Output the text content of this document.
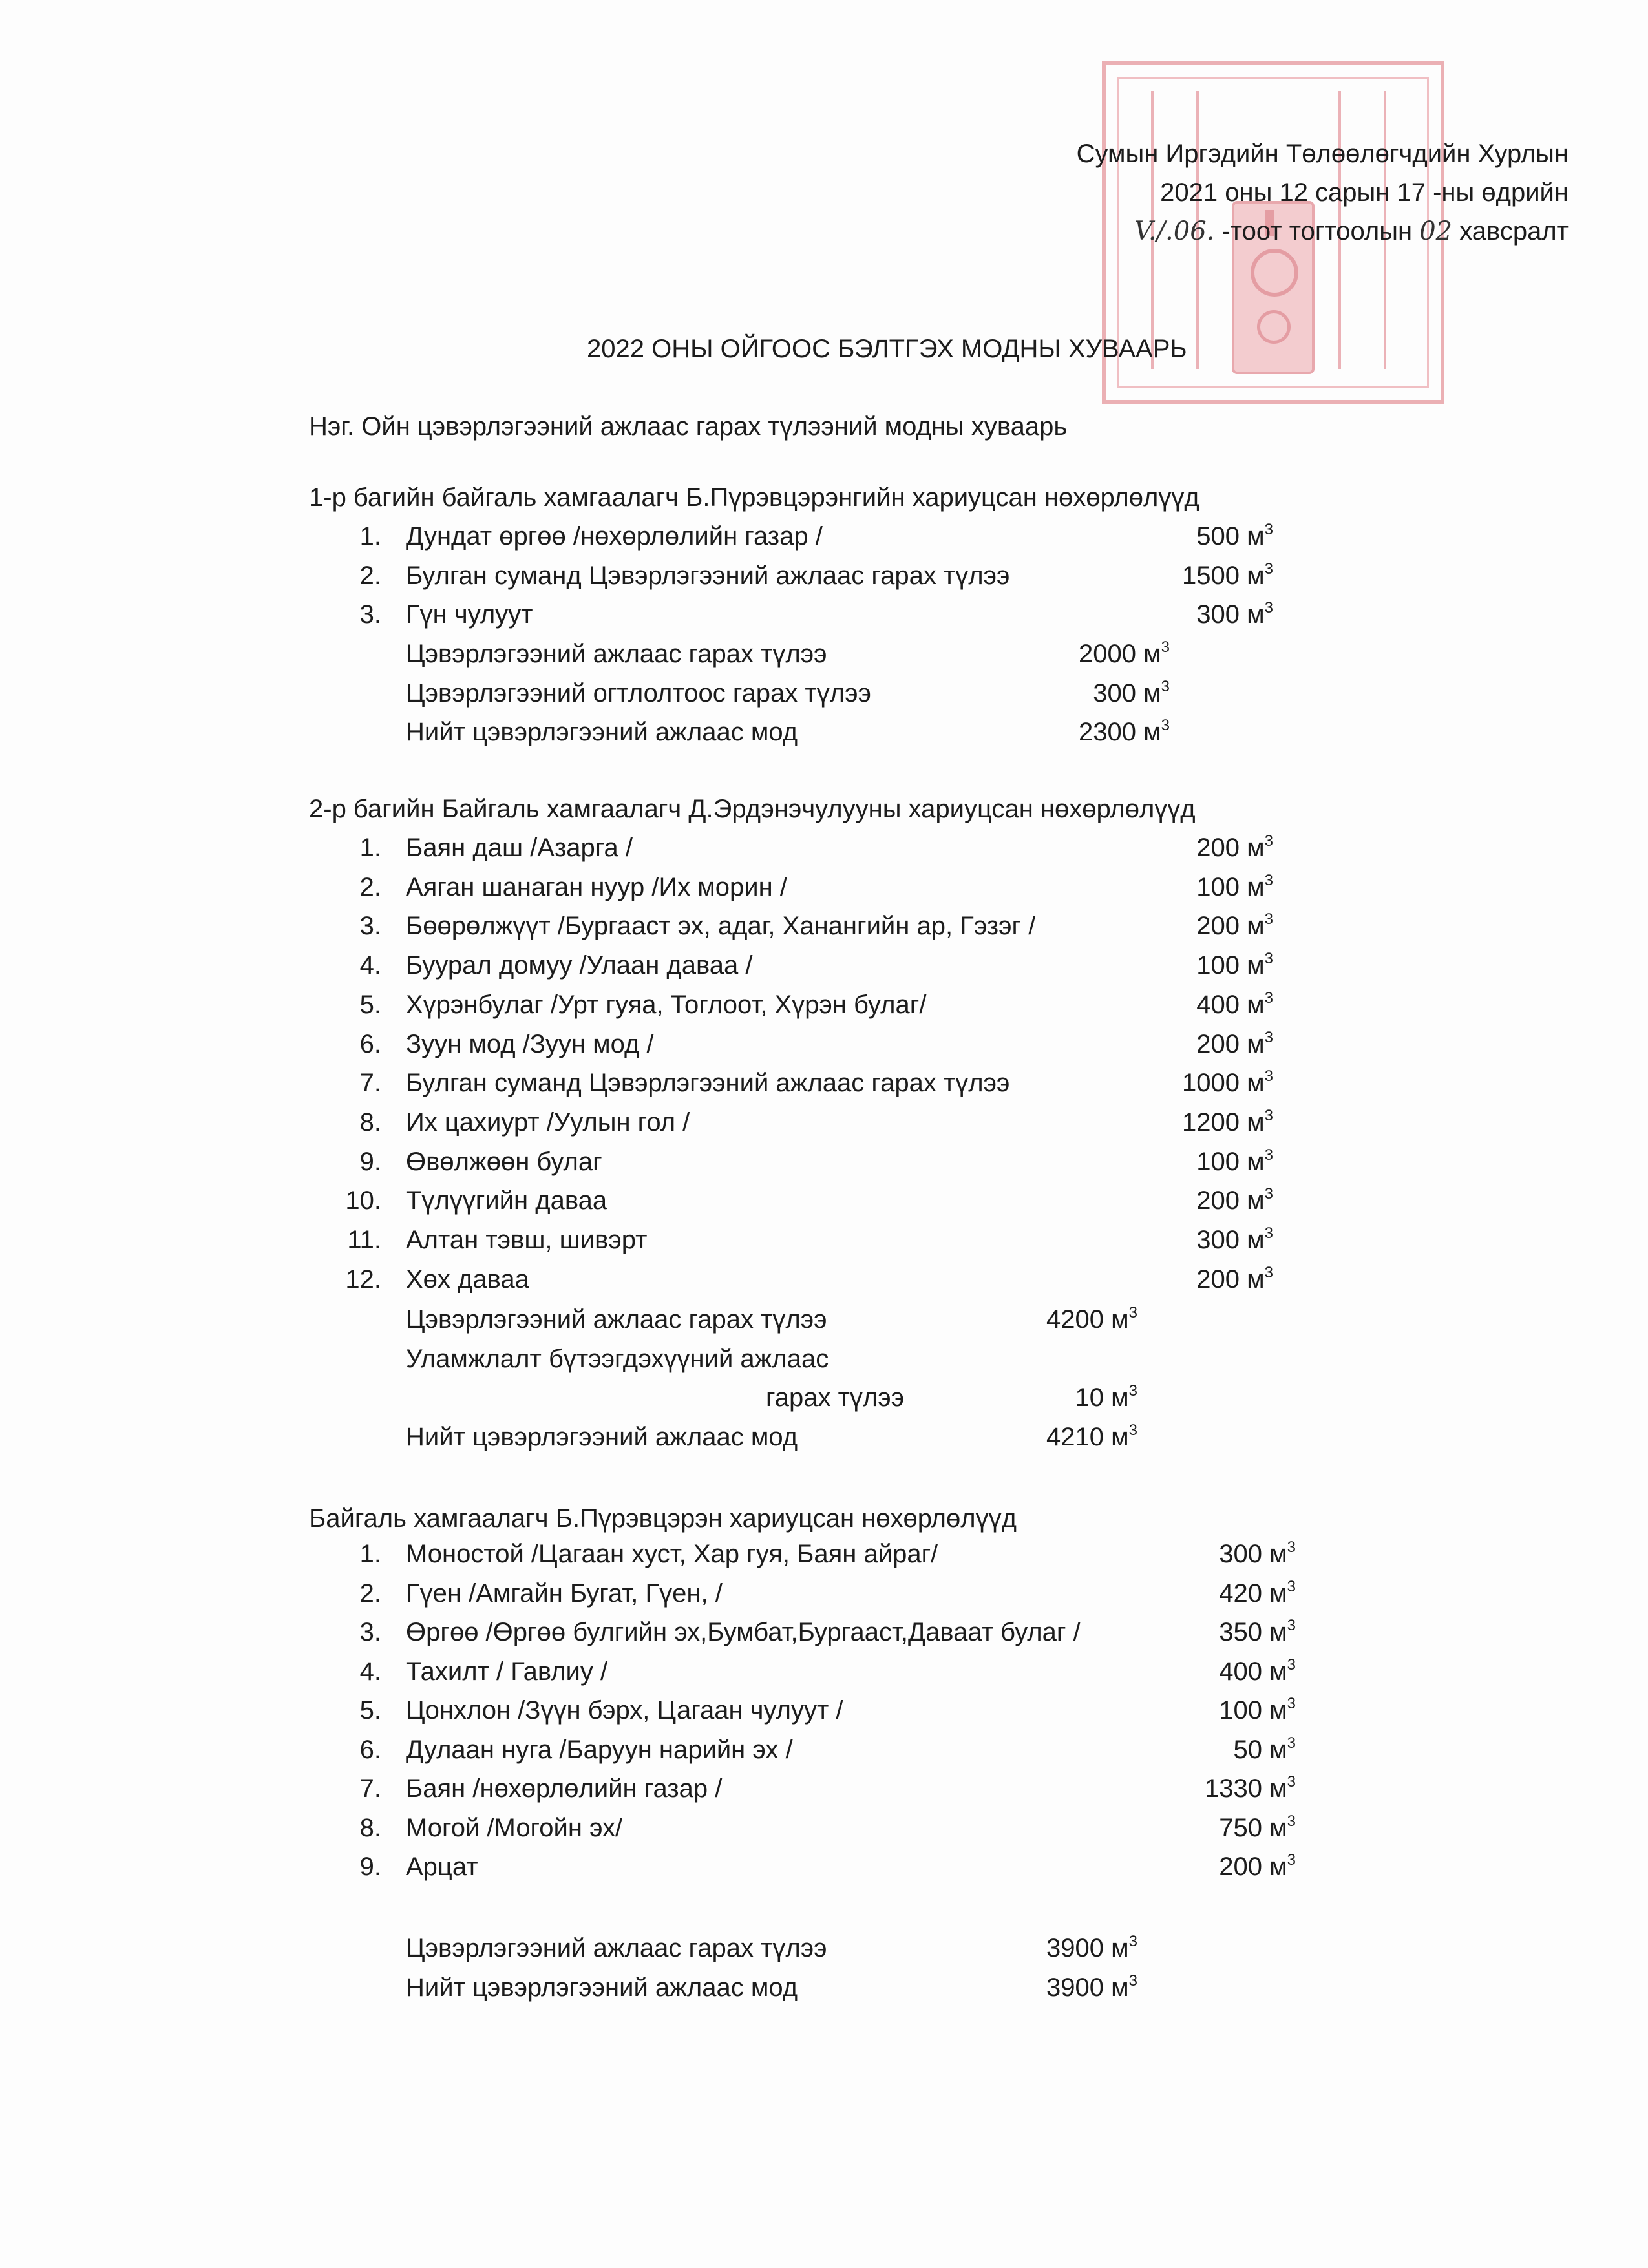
Сумын Иргэдийн Төлөөлөгчдийн Хурлын
2021 оны 12 сарын 17 -ны өдрийн
V./.06. -тоот тогтоолын 02 хавсралт
2022 ОНЫ ОЙГООС БЭЛТГЭХ МОДНЫ ХУВААРЬ
Нэг. Ойн цэвэрлэгээний ажлаас гарах түлээний модны хуваарь
1-р багийн байгаль хамгаалагч Б.Пүрэвцэрэнгийн хариуцсан нөхөрлөлүүд
1. Дундат өргөө /нөхөрлөлийн газар /	500 $м^3$
2. Булган суманд Цэвэрлэгээний ажлаас гарах түлээ	1500 $м^3$
3. Гүн чулуут	300 $м^3$
Цэвэрлэгээний ажлаас гарах түлээ	2000 $м^3$
Цэвэрлэгээний огтлолтоос гарах түлээ	300 $м^3$
Нийт цэвэрлэгээний ажлаас мод	2300 $м^3$
2-р багийн Байгаль хамгаалагч Д.Эрдэнэчулууны хариуцсан нөхөрлөлүүд
1. Баян даш /Азарга /	200 $м^3$
2. Аяган шанаган нуур /Их морин /	100 $м^3$
3. Бөөрөлжүүт /Бургааст эх, адаг, Ханангийн ар, Гэзэг /	200 $м^3$
4. Буурал домуу /Улаан даваа /	100 $м^3$
5. Хүрэнбулаг /Урт гуяа, Тоглоот, Хүрэн булаг/	400 $м^3$
6. Зуун мод /Зуун мод /	200 $м^3$
7. Булган суманд Цэвэрлэгээний ажлаас гарах түлээ	1000 $м^3$
8. Их цахиурт /Уулын гол /	1200 $м^3$
9. Өвөлжөөн булаг	100 $м^3$
10. Түлүүгийн даваа	200 $м^3$
11. Алтан тэвш, шивэрт	300 $м^3$
12. Хөх даваа	200 $м^3$
Цэвэрлэгээний ажлаас гарах түлээ	4200 $м^3$
Уламжлалт бүтээгдэхүүний ажлаас
гарах түлээ	10 $м^3$
Нийт цэвэрлэгээний ажлаас мод	4210 $м^3$
Байгаль хамгаалагч Б.Пүрэвцэрэн хариуцсан нөхөрлөлүүд
1. Моностой /Цагаан хуст, Хар гуя, Баян айраг/	300 $м^3$
2. Гүен /Амгайн Бугат, Гүен, /	420 $м^3$
3. Өргөө /Өргөө булгийн эх,Бумбат,Бургааст,Даваат булаг /	350 $м^3$
4. Тахилт / Гавлиу /	400 $м^3$
5. Цонхлон /Зүүн бэрх, Цагаан чулуут /	100 $м^3$
6. Дулаан нуга /Баруун нарийн эх /	50 $м^3$
7. Баян /нөхөрлөлийн газар /	1330 $м^3$
8. Могой /Могойн эх/	750 $м^3$
9. Арцат	200 $м^3$
Цэвэрлэгээний ажлаас гарах түлээ	3900 $м^3$
Нийт цэвэрлэгээний ажлаас мод	3900 $м^3$
